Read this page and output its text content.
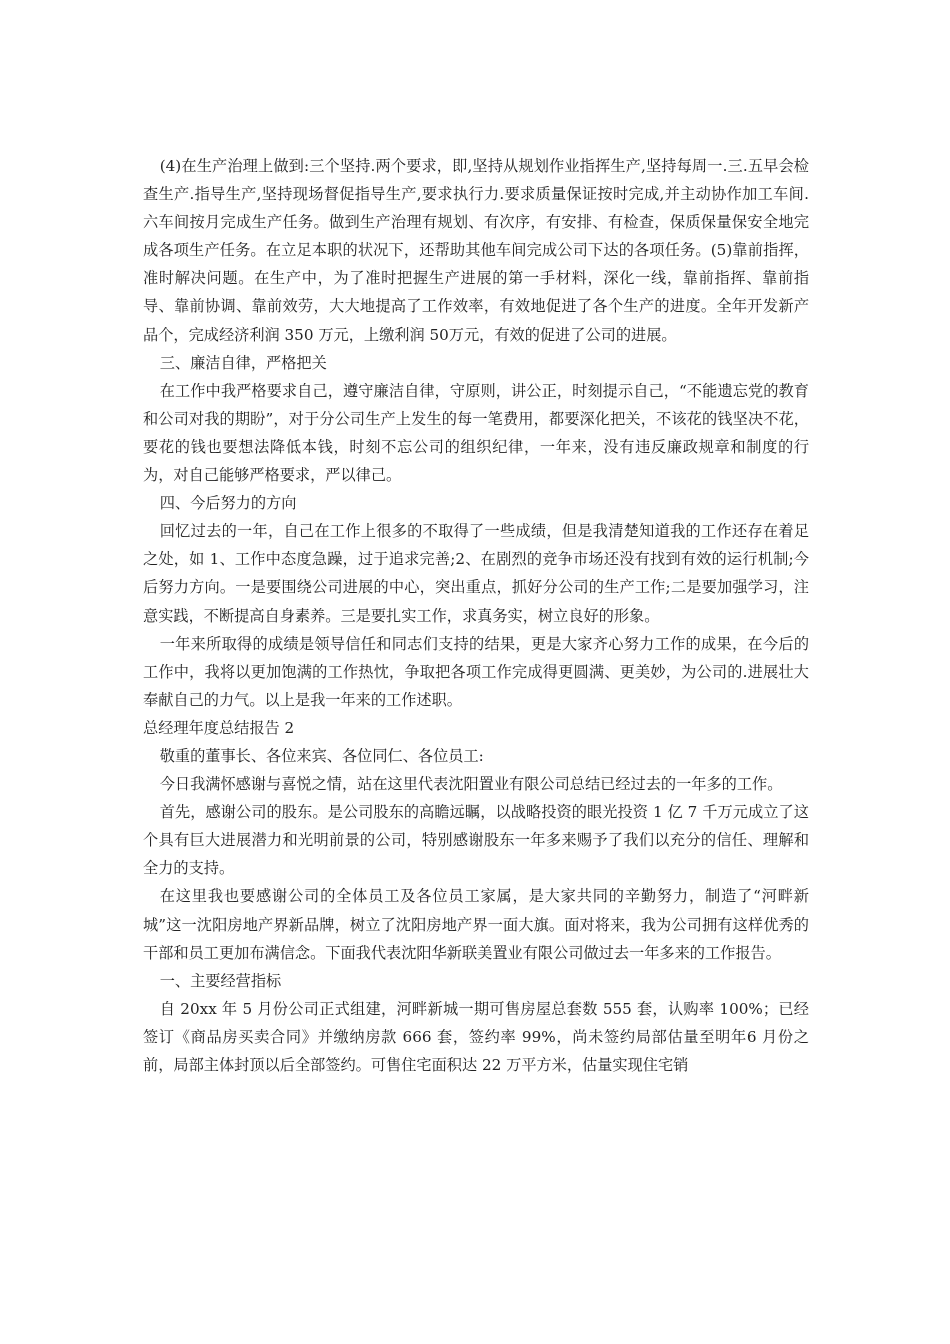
(4)在生产治理上做到:三个坚持.两个要求，即,坚持从规划作业指挥生产,坚持每周一.三.五早会检查生产.指导生产,坚持现场督促指导生产,要求执行力.要求质量保证按时完成,并主动协作加工车间.六车间按月完成生产任务。做到生产治理有规划、有次序，有安排、有检查，保质保量保安全地完成各项生产任务。在立足本职的状况下，还帮助其他车间完成公司下达的各项任务。(5)靠前指挥，准时解决问题。在生产中，为了准时把握生产进展的第一手材料，深化一线，靠前指挥、靠前指导、靠前协调、靠前效劳，大大地提高了工作效率，有效地促进了各个生产的进度。全年开发新产品个，完成经济利润 350 万元，上缴利润 50万元，有效的促进了公司的进展。

三、廉洁自律，严格把关

在工作中我严格要求自己，遵守廉洁自律，守原则，讲公正，时刻提示自己，“不能遗忘党的教育和公司对我的期盼”，对于分公司生产上发生的每一笔费用，都要深化把关，不该花的钱坚决不花，要花的钱也要想法降低本钱，时刻不忘公司的组织纪律，一年来，没有违反廉政规章和制度的行为，对自己能够严格要求，严以律己。

四、今后努力的方向

回忆过去的一年，自己在工作上很多的不取得了一些成绩，但是我清楚知道我的工作还存在着足之处，如 1、工作中态度急躁，过于追求完善;2、在剧烈的竞争市场还没有找到有效的运行机制;今后努力方向。一是要围绕公司进展的中心，突出重点，抓好分公司的生产工作;二是要加强学习，注意实践，不断提高自身素养。三是要扎实工作，求真务实，树立良好的形象。

一年来所取得的成绩是领导信任和同志们支持的结果，更是大家齐心努力工作的成果，在今后的工作中，我将以更加饱满的工作热忱，争取把各项工作完成得更圆满、更美妙，为公司的.进展壮大奉献自己的力气。以上是我一年来的工作述职。

总经理年度总结报告 2

敬重的董事长、各位来宾、各位同仁、各位员工:

今日我满怀感谢与喜悦之情，站在这里代表沈阳置业有限公司总结已经过去的一年多的工作。

首先，感谢公司的股东。是公司股东的高瞻远瞩，以战略投资的眼光投资 1 亿 7 千万元成立了这个具有巨大进展潜力和光明前景的公司，特别感谢股东一年多来赐予了我们以充分的信任、理解和全力的支持。

在这里我也要感谢公司的全体员工及各位员工家属，是大家共同的辛勤努力，制造了“河畔新城”这一沈阳房地产界新品牌，树立了沈阳房地产界一面大旗。面对将来，我为公司拥有这样优秀的干部和员工更加布满信念。下面我代表沈阳华新联美置业有限公司做过去一年多来的工作报告。

一、主要经营指标

自 20xx 年 5 月份公司正式组建，河畔新城一期可售房屋总套数 555 套，认购率 100%；已经签订《商品房买卖合同》并缴纳房款 666 套，签约率 99%，尚未签约局部估量至明年6 月份之前，局部主体封顶以后全部签约。可售住宅面积达 22 万平方米，估量实现住宅销
